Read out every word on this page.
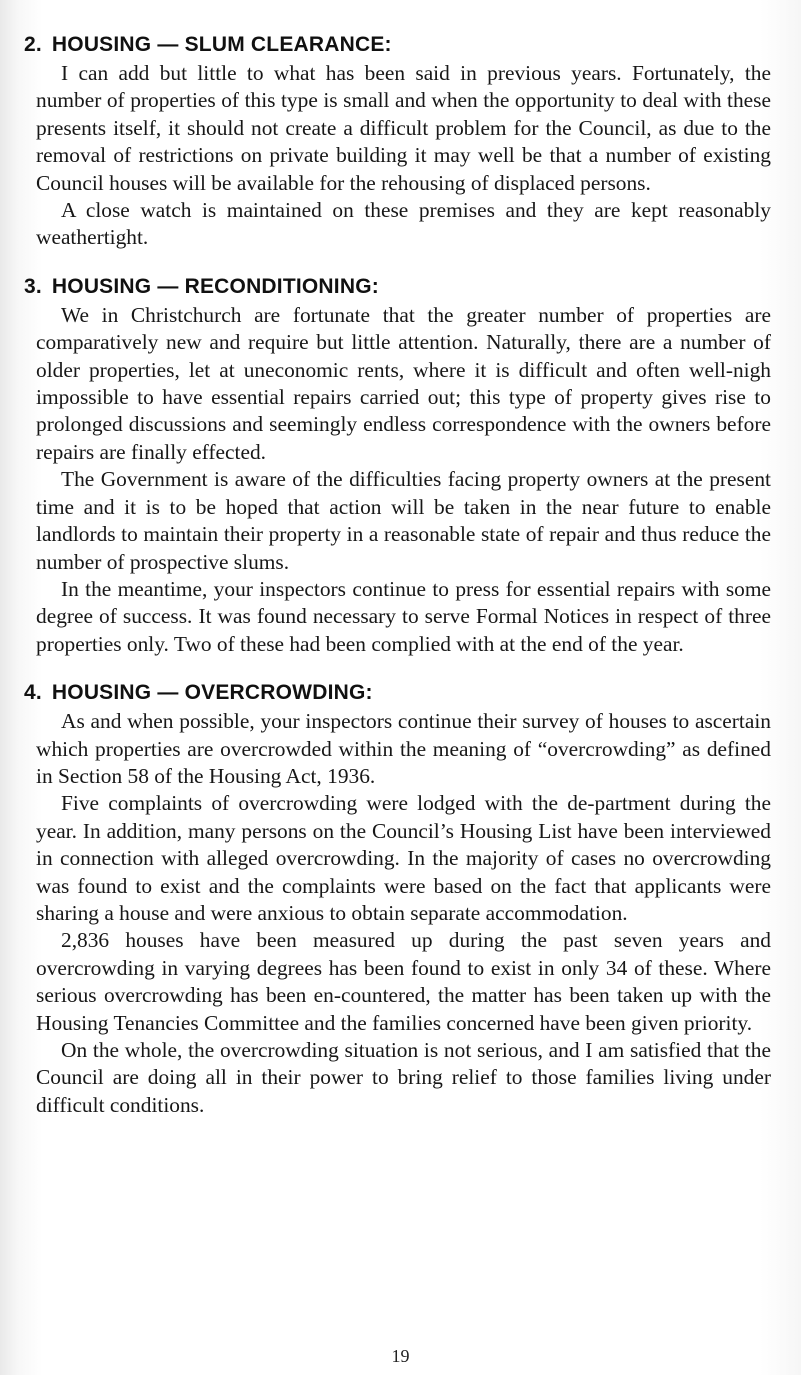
2. HOUSING — SLUM CLEARANCE:

I can add but little to what has been said in previous years. Fortunately, the number of properties of this type is small and when the opportunity to deal with these presents itself, it should not create a difficult problem for the Council, as due to the removal of restrictions on private building it may well be that a number of existing Council houses will be available for the rehousing of displaced persons.

A close watch is maintained on these premises and they are kept reasonably weathertight.

3. HOUSING — RECONDITIONING:

We in Christchurch are fortunate that the greater number of properties are comparatively new and require but little attention. Naturally, there are a number of older properties, let at uneconomic rents, where it is difficult and often well-nigh impossible to have essential repairs carried out; this type of property gives rise to prolonged discussions and seemingly endless correspondence with the owners before repairs are finally effected.

The Government is aware of the difficulties facing property owners at the present time and it is to be hoped that action will be taken in the near future to enable landlords to maintain their property in a reasonable state of repair and thus reduce the number of prospective slums.

In the meantime, your inspectors continue to press for essential repairs with some degree of success. It was found necessary to serve Formal Notices in respect of three properties only. Two of these had been complied with at the end of the year.

4. HOUSING — OVERCROWDING:

As and when possible, your inspectors continue their survey of houses to ascertain which properties are overcrowded within the meaning of “overcrowding” as defined in Section 58 of the Housing Act, 1936.

Five complaints of overcrowding were lodged with the de-partment during the year. In addition, many persons on the Council’s Housing List have been interviewed in connection with alleged overcrowding. In the majority of cases no overcrowding was found to exist and the complaints were based on the fact that applicants were sharing a house and were anxious to obtain separate accommodation.

2,836 houses have been measured up during the past seven years and overcrowding in varying degrees has been found to exist in only 34 of these. Where serious overcrowding has been en-countered, the matter has been taken up with the Housing Tenancies Committee and the families concerned have been given priority.

On the whole, the overcrowding situation is not serious, and I am satisfied that the Council are doing all in their power to bring relief to those families living under difficult conditions.

19
